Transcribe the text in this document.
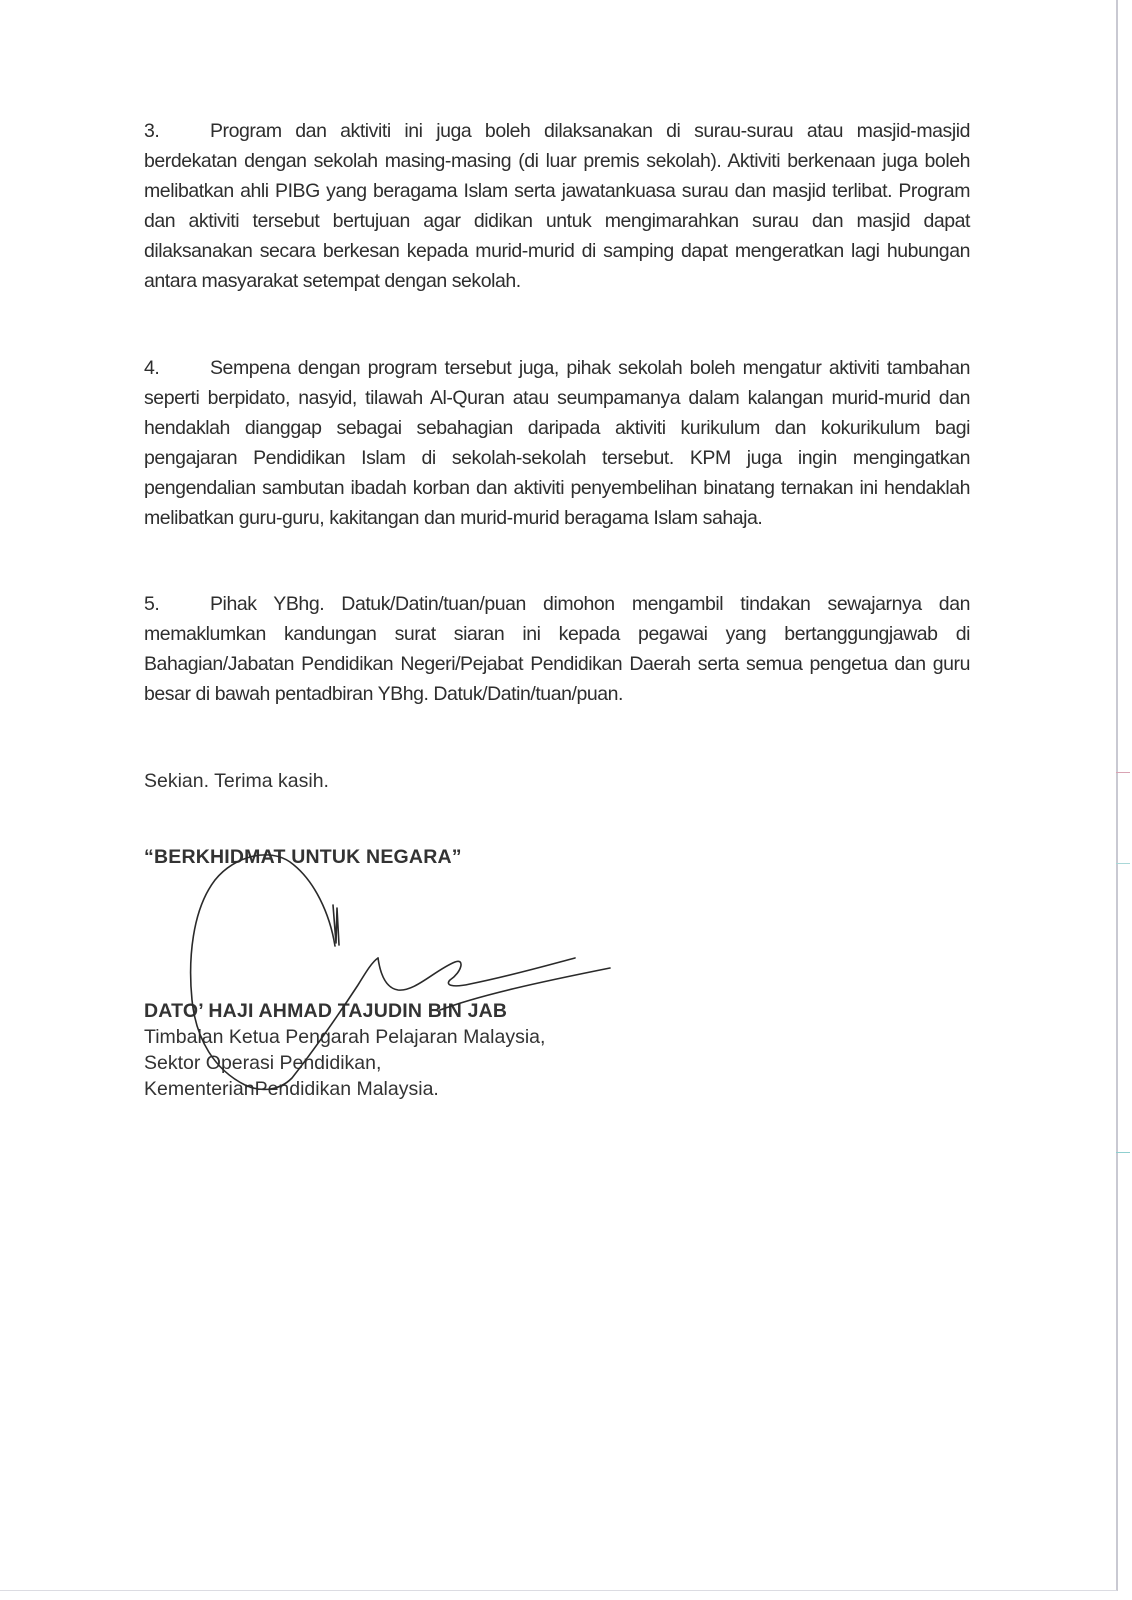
3.	Program dan aktiviti ini juga boleh dilaksanakan di surau-surau atau masjid-masjid berdekatan dengan sekolah masing-masing (di luar premis sekolah). Aktiviti berkenaan juga boleh melibatkan ahli PIBG yang beragama Islam serta jawatankuasa surau dan masjid terlibat. Program dan aktiviti tersebut bertujuan agar didikan untuk mengimarahkan surau dan masjid dapat dilaksanakan secara berkesan kepada murid-murid di samping dapat mengeratkan lagi hubungan antara masyarakat setempat dengan sekolah.

4.	Sempena dengan program tersebut juga, pihak sekolah boleh mengatur aktiviti tambahan seperti berpidato, nasyid, tilawah Al-Quran atau seumpamanya dalam kalangan murid-murid dan hendaklah dianggap sebagai sebahagian daripada aktiviti kurikulum dan kokurikulum bagi pengajaran Pendidikan Islam di sekolah-sekolah tersebut. KPM juga ingin mengingatkan pengendalian sambutan ibadah korban dan aktiviti penyembelihan binatang ternakan ini hendaklah melibatkan guru-guru, kakitangan dan murid-murid beragama Islam sahaja.

5.	Pihak YBhg. Datuk/Datin/tuan/puan dimohon mengambil tindakan sewajarnya dan memaklumkan kandungan surat siaran ini kepada pegawai yang bertanggungjawab di Bahagian/Jabatan Pendidikan Negeri/Pejabat Pendidikan Daerah serta semua pengetua dan guru besar di bawah pentadbiran YBhg. Datuk/Datin/tuan/puan.

Sekian. Terima kasih.
“BERKHIDMAT UNTUK NEGARA”
DATO’ HAJI AHMAD TAJUDIN BIN JAB
Timbalan Ketua Pengarah Pelajaran Malaysia,
Sektor Operasi Pendidikan,
KementerianPendidikan Malaysia.
